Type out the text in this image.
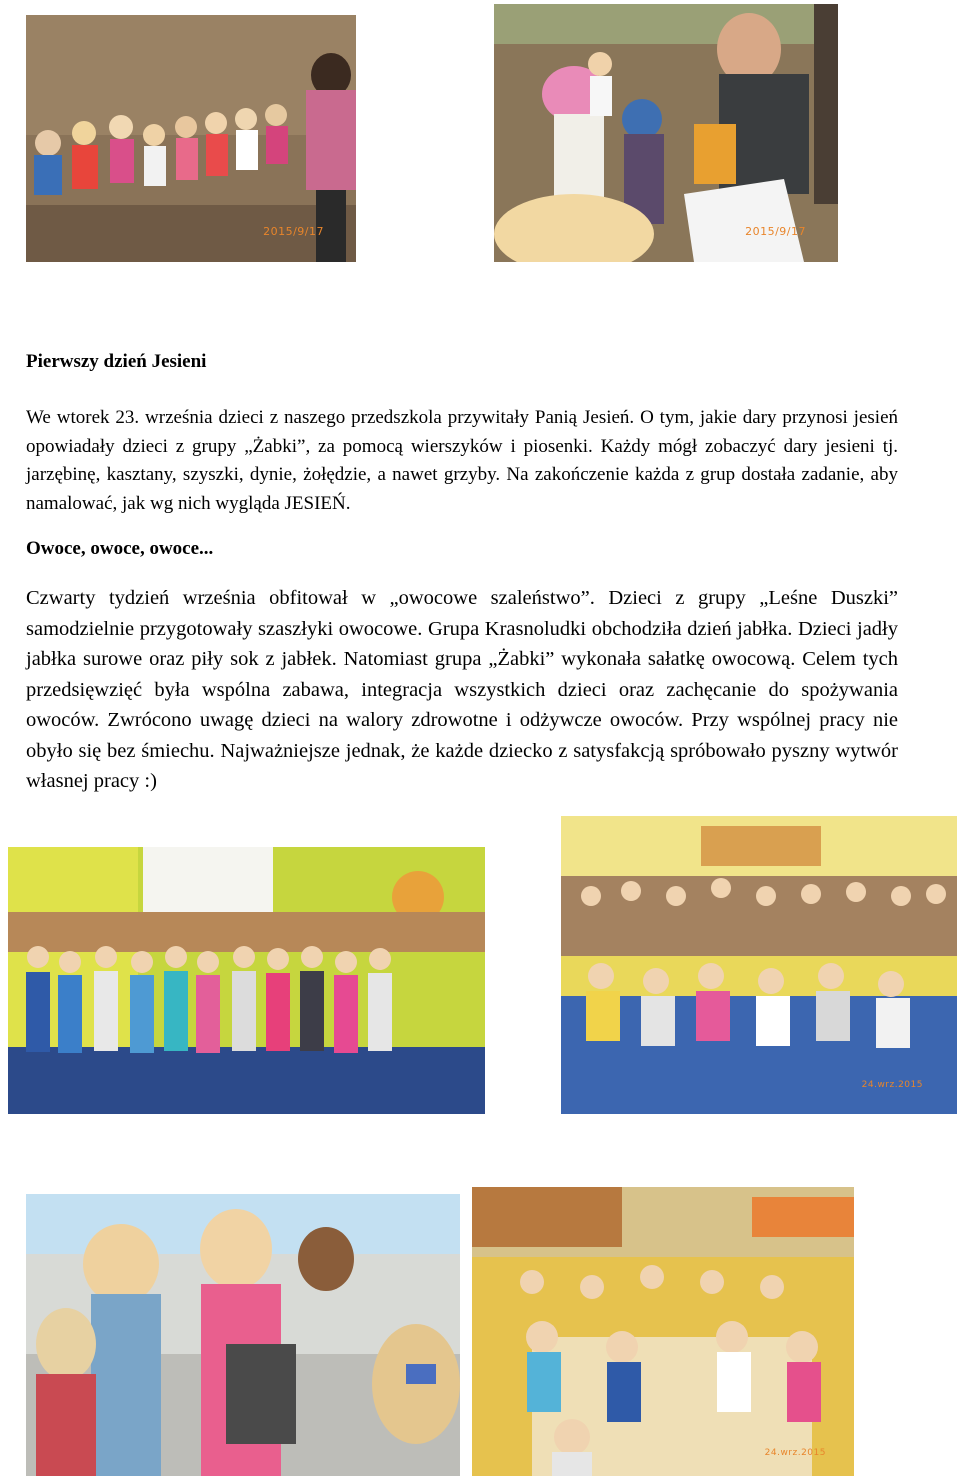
2015/9/17	2015/9/17
Pierwszy dzień Jesieni

We wtorek 23. września dzieci z naszego przedszkola przywitały Panią Jesień. O tym, jakie dary przynosi jesień opowiadały dzieci z grupy „Żabki”, za pomocą wierszyków i piosenki. Każdy mógł zobaczyć dary jesieni tj. jarzębinę, kasztany, szyszki, dynie, żołędzie, a nawet grzyby. Na zakończenie każda z grup dostała zadanie, aby namalować, jak wg nich wygląda JESIEŃ.

Owoce, owoce, owoce...

Czwarty tydzień września obfitował w „owocowe szaleństwo”. Dzieci z grupy „Leśne Duszki” samodzielnie przygotowały szaszłyki owocowe. Grupa Krasnoludki obchodziła dzień jabłka. Dzieci jadły jabłka surowe oraz piły sok z jabłek. Natomiast grupa „Żabki” wykonała sałatkę owocową. Celem tych przedsięwzięć była wspólna zabawa, integracja wszystkich dzieci oraz zachęcanie do spożywania owoców. Zwrócono uwagę dzieci na walory zdrowotne i odżywcze owoców. Przy wspólnej pracy nie obyło się bez śmiechu. Najważniejsze jednak, że każde dziecko z satysfakcją spróbowało pyszny wytwór własnej pracy :)

24.wrz.2015
24.wrz.2015
